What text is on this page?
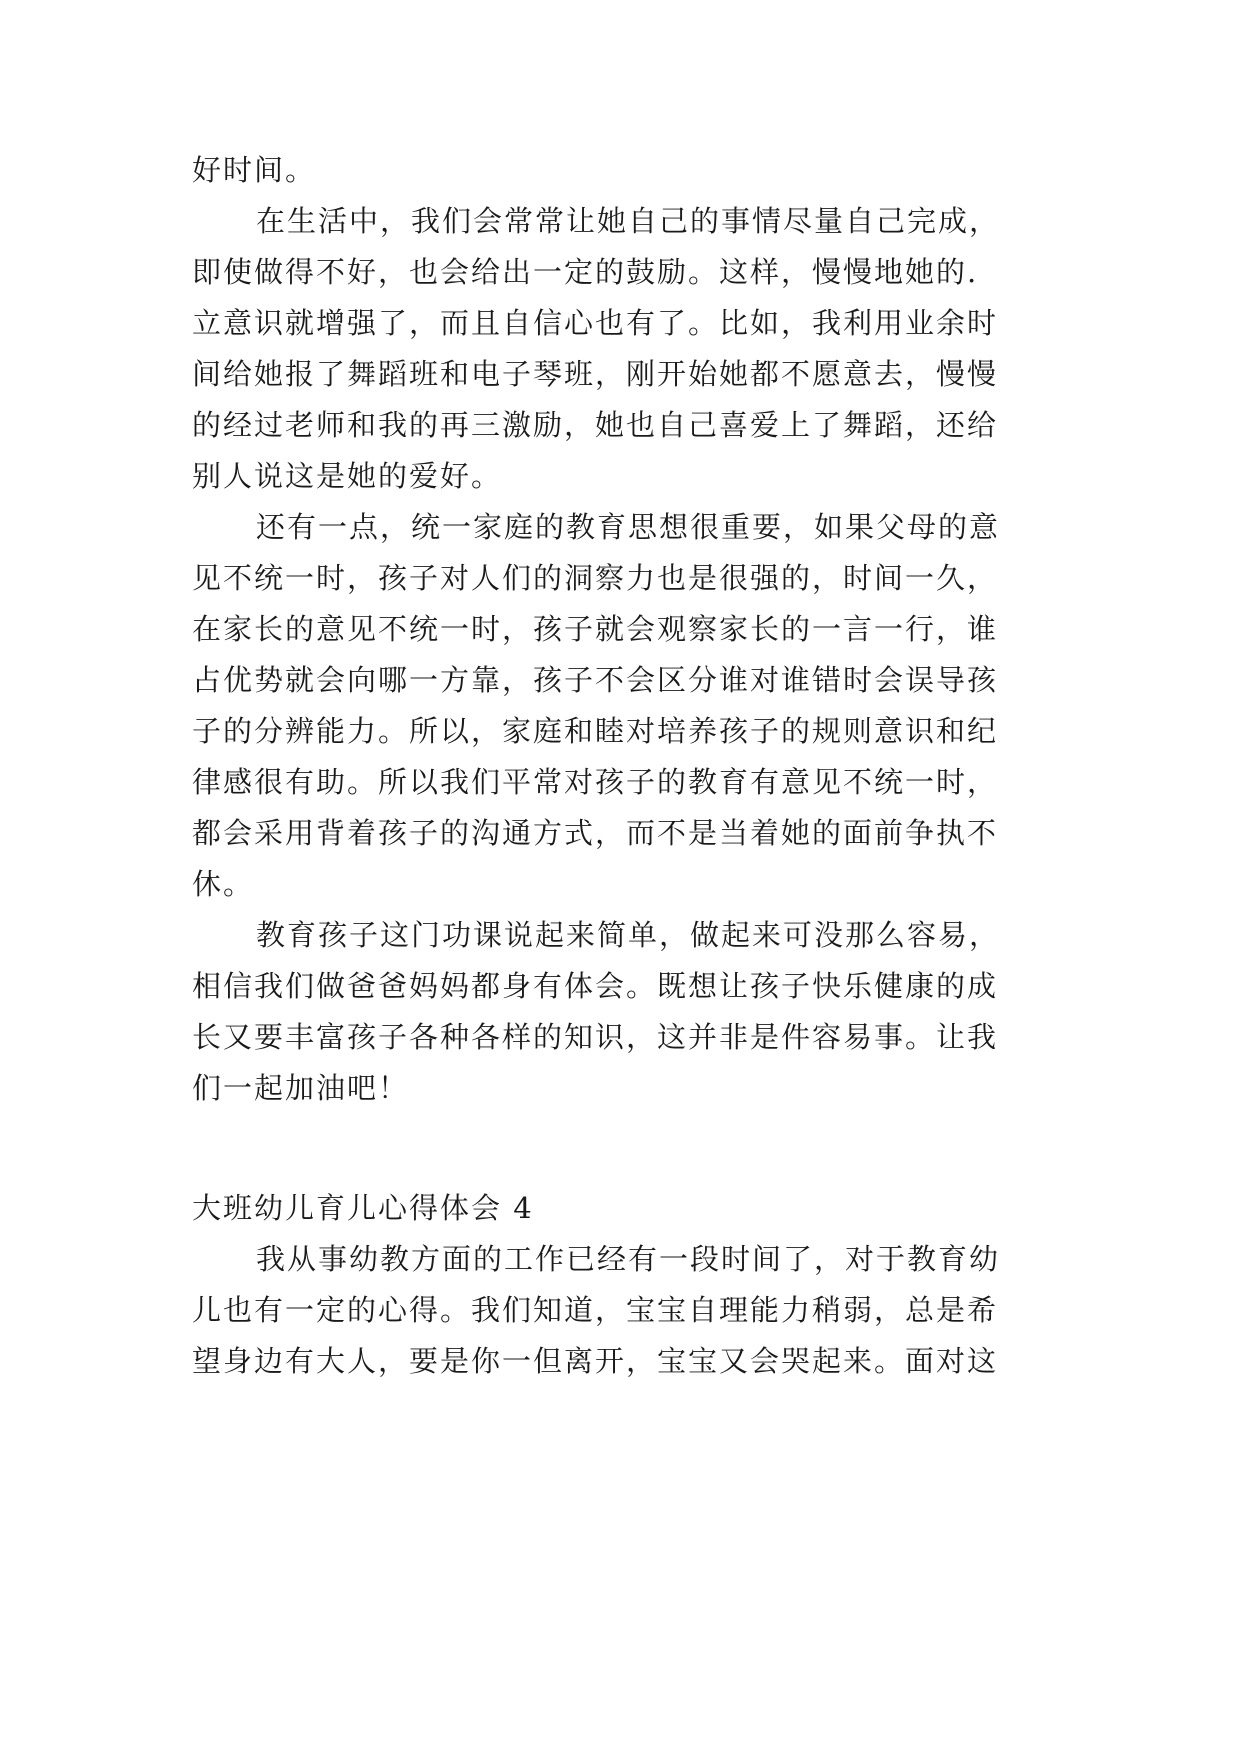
好时间。
在生活中，我们会常常让她自己的事情尽量自己完成，
即使做得不好，也会给出一定的鼓励。这样，慢慢地她的.
立意识就增强了，而且自信心也有了。比如，我利用业余时
间给她报了舞蹈班和电子琴班，刚开始她都不愿意去，慢慢
的经过老师和我的再三激励，她也自己喜爱上了舞蹈，还给
别人说这是她的爱好。
还有一点，统一家庭的教育思想很重要，如果父母的意
见不统一时，孩子对人们的洞察力也是很强的，时间一久，
在家长的意见不统一时，孩子就会观察家长的一言一行，谁
占优势就会向哪一方靠，孩子不会区分谁对谁错时会误导孩
子的分辨能力。所以，家庭和睦对培养孩子的规则意识和纪
律感很有助。所以我们平常对孩子的教育有意见不统一时，
都会采用背着孩子的沟通方式，而不是当着她的面前争执不
休。
教育孩子这门功课说起来简单，做起来可没那么容易，
相信我们做爸爸妈妈都身有体会。既想让孩子快乐健康的成
长又要丰富孩子各种各样的知识，这并非是件容易事。让我
们一起加油吧！
大班幼儿育儿心得体会 4
我从事幼教方面的工作已经有一段时间了，对于教育幼
儿也有一定的心得。我们知道，宝宝自理能力稍弱，总是希
望身边有大人，要是你一但离开，宝宝又会哭起来。面对这
